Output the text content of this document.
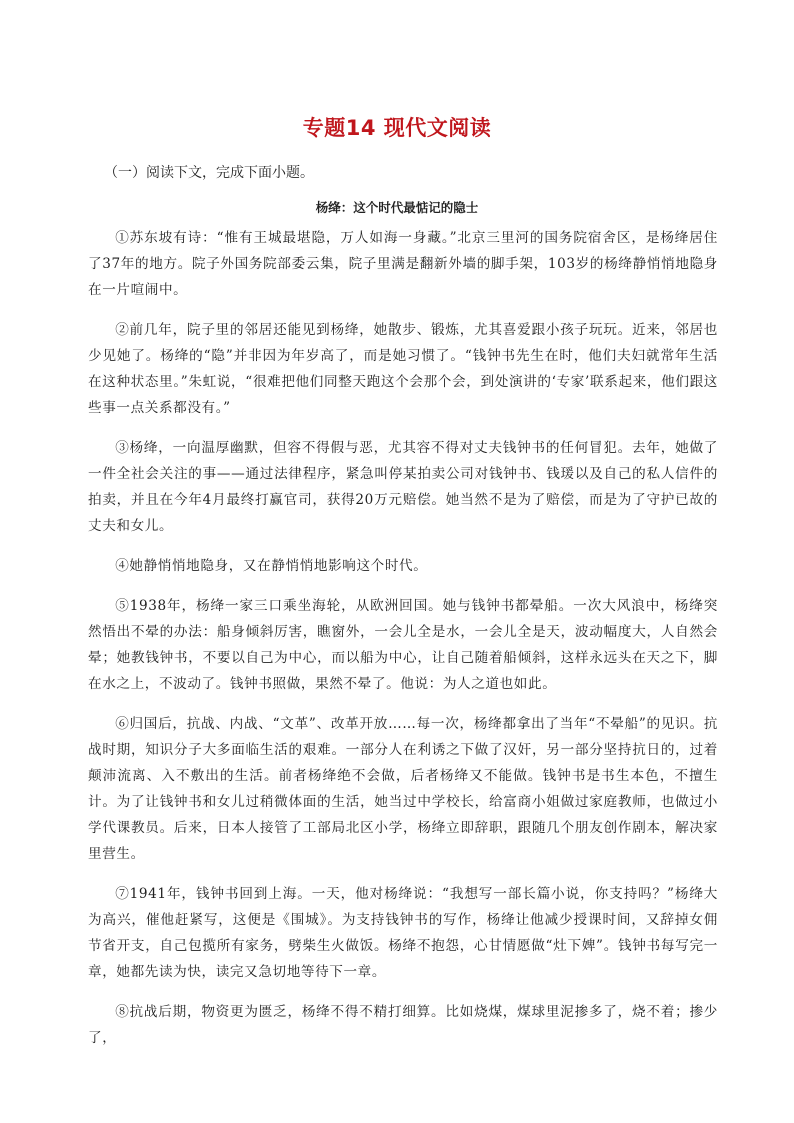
专题14 现代文阅读
（一）阅读下文，完成下面小题。
杨绛：这个时代最惦记的隐士

①苏东坡有诗：“惟有王城最堪隐，万人如海一身藏。”北京三里河的国务院宿舍区，是杨绛居住了37年的地方。院子外国务院部委云集，院子里满是翻新外墙的脚手架，103岁的杨绛静悄悄地隐身在一片喧闹中。

②前几年，院子里的邻居还能见到杨绛，她散步、锻炼，尤其喜爱跟小孩子玩玩。近来，邻居也少见她了。杨绛的“隐”并非因为年岁高了，而是她习惯了。“钱钟书先生在时，他们夫妇就常年生活在这种状态里。”朱虹说，“很难把他们同整天跑这个会那个会，到处演讲的‘专家’联系起来，他们跟这些事一点关系都没有。”

③杨绛，一向温厚幽默，但容不得假与恶，尤其容不得对丈夫钱钟书的任何冒犯。去年，她做了一件全社会关注的事——通过法律程序，紧急叫停某拍卖公司对钱钟书、钱瑗以及自己的私人信件的拍卖，并且在今年4月最终打赢官司，获得20万元赔偿。她当然不是为了赔偿，而是为了守护已故的丈夫和女儿。

④她静悄悄地隐身，又在静悄悄地影响这个时代。

⑤1938年，杨绛一家三口乘坐海轮，从欧洲回国。她与钱钟书都晕船。一次大风浪中，杨绛突然悟出不晕的办法：船身倾斜厉害，瞧窗外，一会儿全是水，一会儿全是天，波动幅度大，人自然会晕；她教钱钟书，不要以自己为中心，而以船为中心，让自己随着船倾斜，这样永远头在天之下，脚在水之上，不波动了。钱钟书照做，果然不晕了。他说：为人之道也如此。

⑥归国后，抗战、内战、“文革”、改革开放……每一次，杨绛都拿出了当年“不晕船”的见识。抗战时期，知识分子大多面临生活的艰难。一部分人在利诱之下做了汉奸，另一部分坚持抗日的，过着颠沛流离、入不敷出的生活。前者杨绛绝不会做，后者杨绛又不能做。钱钟书是书生本色，不擅生计。为了让钱钟书和女儿过稍微体面的生活，她当过中学校长，给富商小姐做过家庭教师，也做过小学代课教员。后来，日本人接管了工部局北区小学，杨绛立即辞职，跟随几个朋友创作剧本，解决家里营生。

⑦1941年，钱钟书回到上海。一天，他对杨绛说：“我想写一部长篇小说，你支持吗？”杨绛大为高兴，催他赶紧写，这便是《围城》。为支持钱钟书的写作，杨绛让他减少授课时间，又辞掉女佣节省开支，自己包揽所有家务，劈柴生火做饭。杨绛不抱怨，心甘情愿做“灶下婢”。钱钟书每写完一章，她都先读为快，读完又急切地等待下一章。

⑧抗战后期，物资更为匮乏，杨绛不得不精打细算。比如烧煤，煤球里泥掺多了，烧不着；掺少了，
